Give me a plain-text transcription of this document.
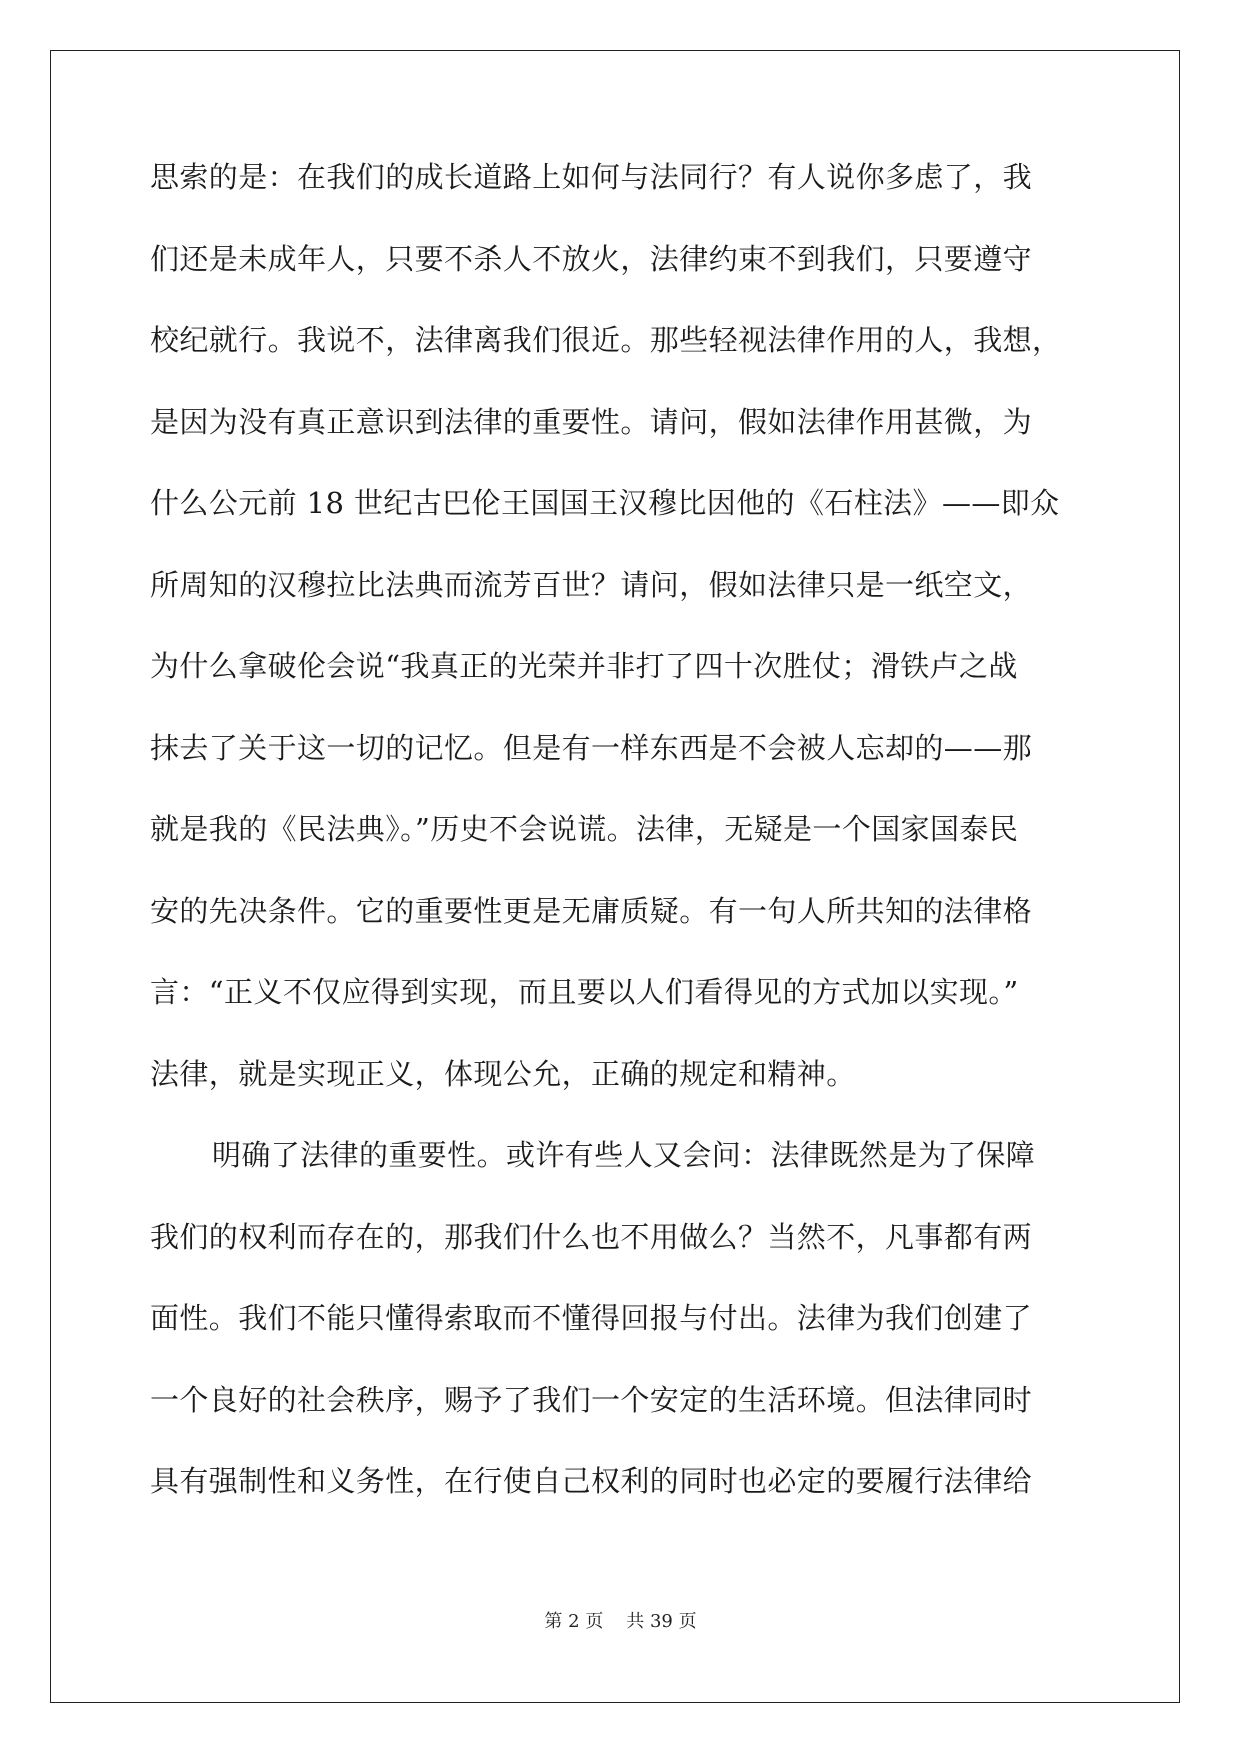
思索的是：在我们的成长道路上如何与法同行？有人说你多虑了，我
们还是未成年人，只要不杀人不放火，法律约束不到我们，只要遵守
校纪就行。我说不，法律离我们很近。那些轻视法律作用的人，我想，
是因为没有真正意识到法律的重要性。请问，假如法律作用甚微，为
什么公元前 18 世纪古巴伦王国国王汉穆比因他的《石柱法》——即众
所周知的汉穆拉比法典而流芳百世？请问，假如法律只是一纸空文，
为什么拿破伦会说“我真正的光荣并非打了四十次胜仗；滑铁卢之战
抹去了关于这一切的记忆。但是有一样东西是不会被人忘却的——那
就是我的《民法典》。”历史不会说谎。法律，无疑是一个国家国泰民
安的先决条件。它的重要性更是无庸质疑。有一句人所共知的法律格
言：“正义不仅应得到实现，而且要以人们看得见的方式加以实现。”
法律，就是实现正义，体现公允，正确的规定和精神。
明确了法律的重要性。或许有些人又会问：法律既然是为了保障
我们的权利而存在的，那我们什么也不用做么？当然不，凡事都有两
面性。我们不能只懂得索取而不懂得回报与付出。法律为我们创建了
一个良好的社会秩序，赐予了我们一个安定的生活环境。但法律同时
具有强制性和义务性，在行使自己权利的同时也必定的要履行法律给
第 2 页 共 39 页
